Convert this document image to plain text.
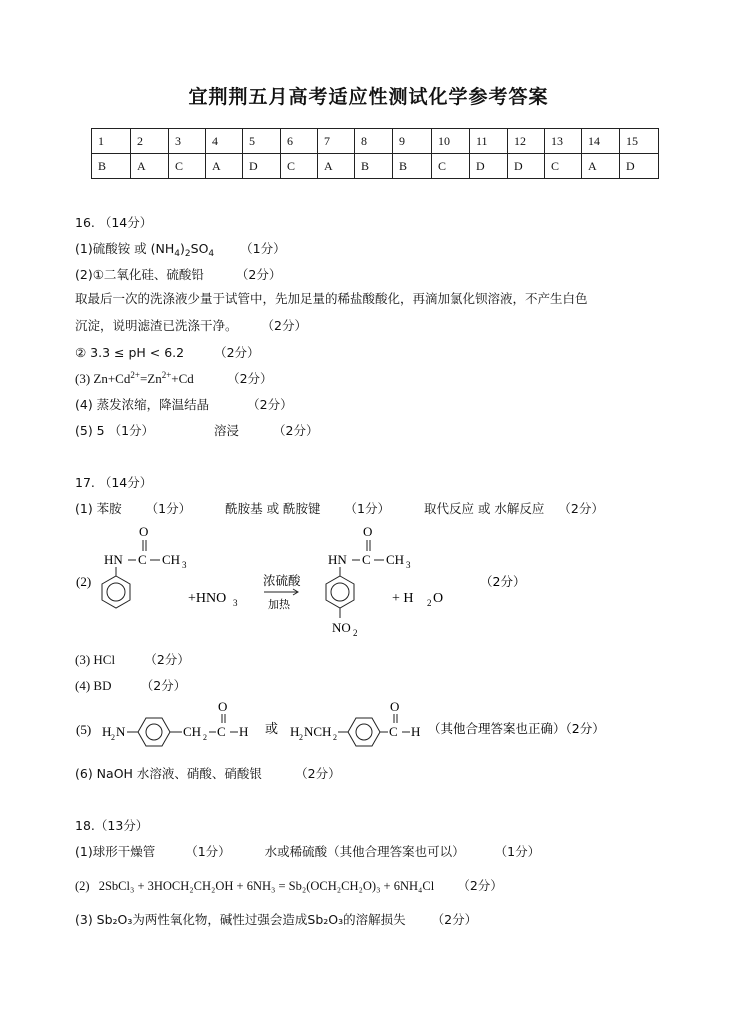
宜荆荆五月高考适应性测试化学参考答案
1	2	3	4	5	6	7	8	9	10	11	12	13	14	15
B	A	C	A	D	C	A	B	B	C	D	D	C	A	D
16. （14分）
(1)硫酸铵 或 (NH4)2SO4 （1分）
(2)①二氧化硅、硫酸铅	（2分）
取最后一次的洗涤液少量于试管中，先加足量的稀盐酸酸化，再滴加氯化钡溶液，不产生白色
沉淀，说明滤渣已洗涤干净。 （2分）
② 3.3 ≤ pH < 6.2 （2分）
(3) Zn+Cd2+=Zn2++Cd	（2分）
(4) 蒸发浓缩，降温结晶	（2分）
(5) 5 （1分）	溶浸	（2分）
17. （14分）
(1) 苯胺 （1分）	酰胺基 或 酰胺键 （1分）	取代反应 或 水解反应 （2分）
(2)
HN C
O
CH 3
+HNO 3
浓硫酸
加热
HN C
O
CH 3
NO 2
+ H 2 O
（2分）
(3) HCl （2分）
(4) BD （2分）
(5) H 2 N	CH 2 C
O
H 或 H 2 NCH 2	C
O
H （其他合理答案也正确）（2分）
(6) NaOH 水溶液、硝酸、硝酸银	（2分）
18.（13分）
(1)球形干燥管 （1分）	水或稀硫酸（其他合理答案也可以） （1分）
(2) 2SbCl₃ + 3HOCH₂CH₂OH + 6NH₃ = Sb₂(OCH₂CH₂O)₃ + 6NH₄Cl （2分）
(3) Sb₂O₃为两性氧化物，碱性过强会造成Sb₂O₃的溶解损失 （2分）
